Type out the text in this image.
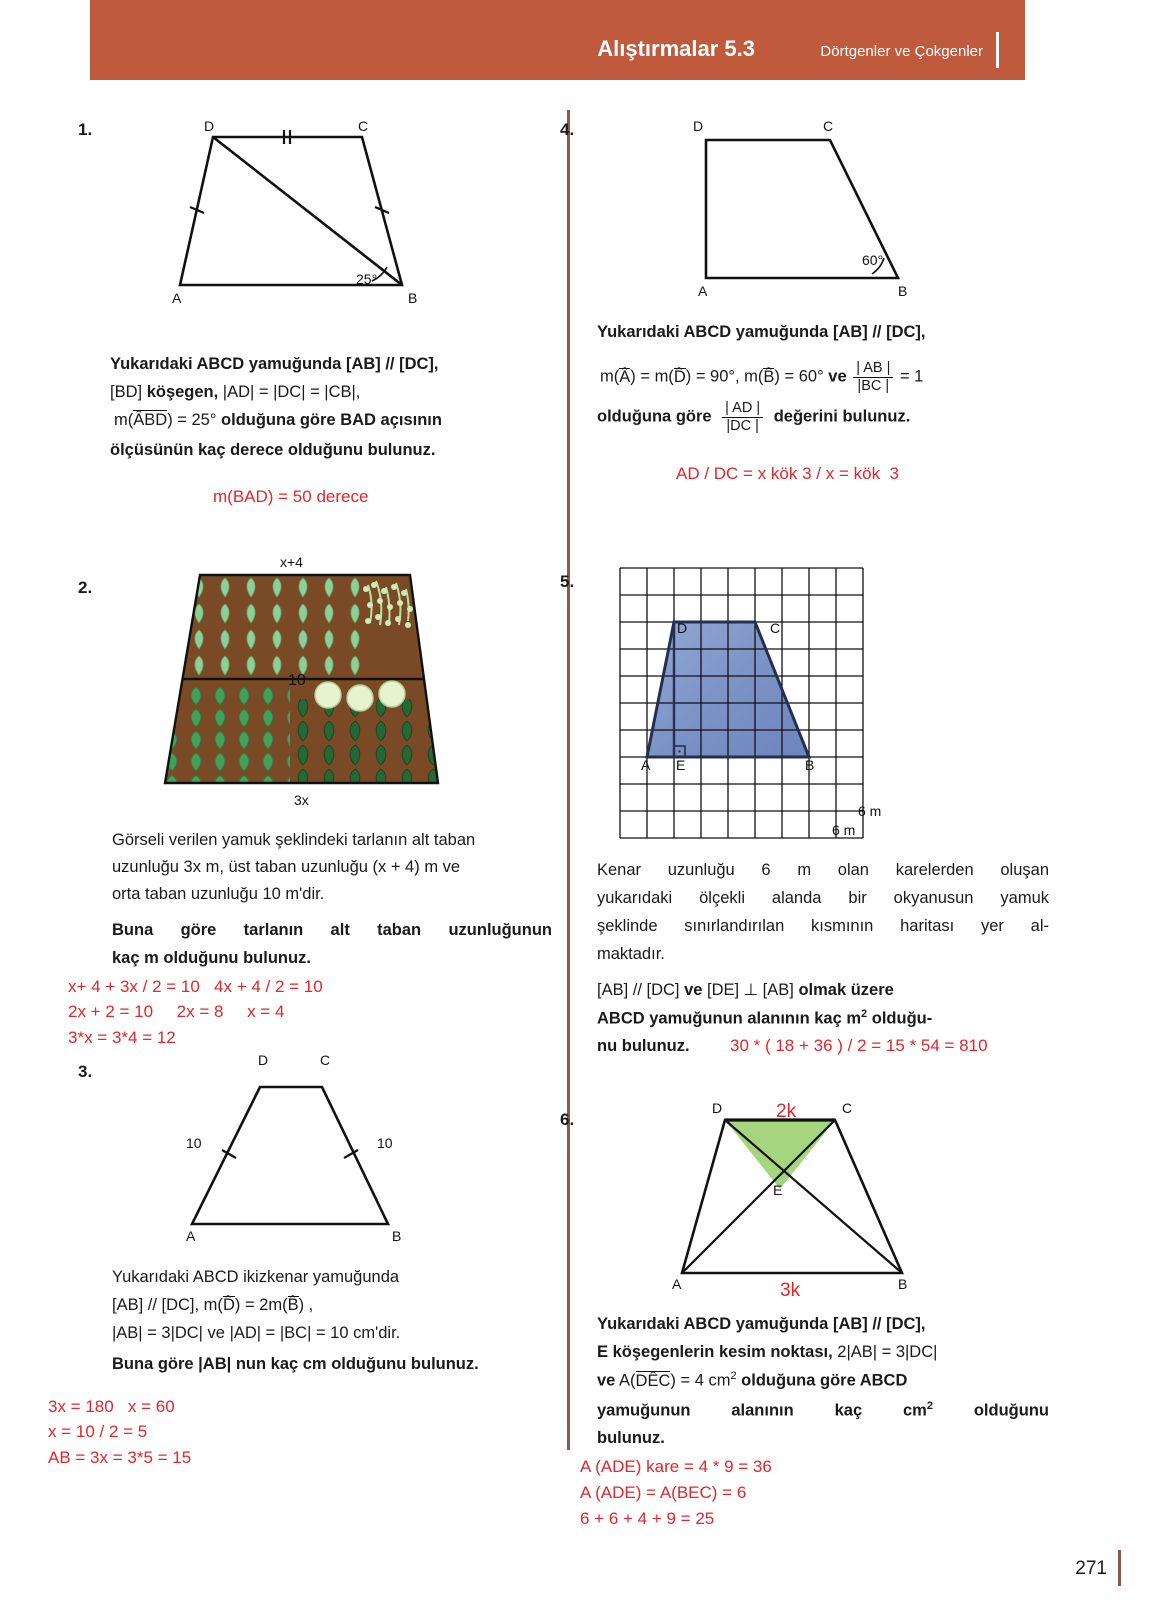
Alıştırmalar 5.3	Dörtgenler ve Çokgenler
1.	D	C
A	B
25°
Yukarıdaki ABCD yamuğunda [AB] // [DC],
[BD] köşegen, |AD| = |DC| = |CB|,
m(ÂBD) = 25° olduğuna göre BAD açısının
ölçüsünün kaç derece olduğunu bulunuz.
m(BAD) = 50 derece
2.
x+4
10
3x
Görseli verilen yamuk şeklindeki tarlanın alt taban
uzunluğu 3x m, üst taban uzunluğu (x + 4) m ve
orta taban uzunluğu 10 m'dir.
Buna göre tarlanın alt taban uzunluğunun
kaç m olduğunu bulunuz.
x+ 4 + 3x / 2 = 10   4x + 4 / 2 = 10
2x + 2 = 10     2x = 8     x = 4
3*x = 3*4 = 12
3.
D	C
A	B
10	10
Yukarıdaki ABCD ikizkenar yamuğunda
[AB] // [DC], m(D̂) = 2m(B̂) ,
|AB| = 3|DC| ve |AD| = |BC| = 10 cm'dir.
Buna göre |AB| nun kaç cm olduğunu bulunuz.
3x = 180   x = 60
x = 10 / 2 = 5
AB = 3x = 3*5 = 15
4.	D	C
A	B
60°
Yukarıdaki ABCD yamuğunda [AB] // [DC],
m(Â) = m(D̂) = 90°, m(B̂) = 60° ve $\frac{| AB |}{|BC |} = 1$
olduğuna göre $\frac{| AD |}{|DC |}$ değerini bulunuz.
AD / DC = x kök 3 / x = kök  3
5.
D	C
A E	B
6 m
6 m
Kenar uzunluğu 6 m olan karelerden oluşan
yukarıdaki ölçekli alanda bir okyanusun yamuk
şeklinde sınırlandırılan kısmının haritası yer al-
maktadır.
[AB] // [DC] ve [DE] ⊥ [AB] olmak üzere
ABCD yamuğunun alanının kaç $m^2$ olduğu-
nu bulunuz.	30 * ( 18 + 36 ) / 2 = 15 * 54 = 810
6.
D	C
A	B
E
2k
3k
Yukarıdaki ABCD yamuğunda [AB] // [DC],
E köşegenlerin kesim noktası, 2|AB| = 3|DC|
ve A(DÊC) = 4 $cm^2$ olduğuna göre ABCD
yamuğunun alanının kaç $cm^2$ olduğunu
bulunuz.
A (ADE) kare = 4 * 9 = 36
A (ADE) = A(BEC) = 6
6 + 6 + 4 + 9 = 25
271
